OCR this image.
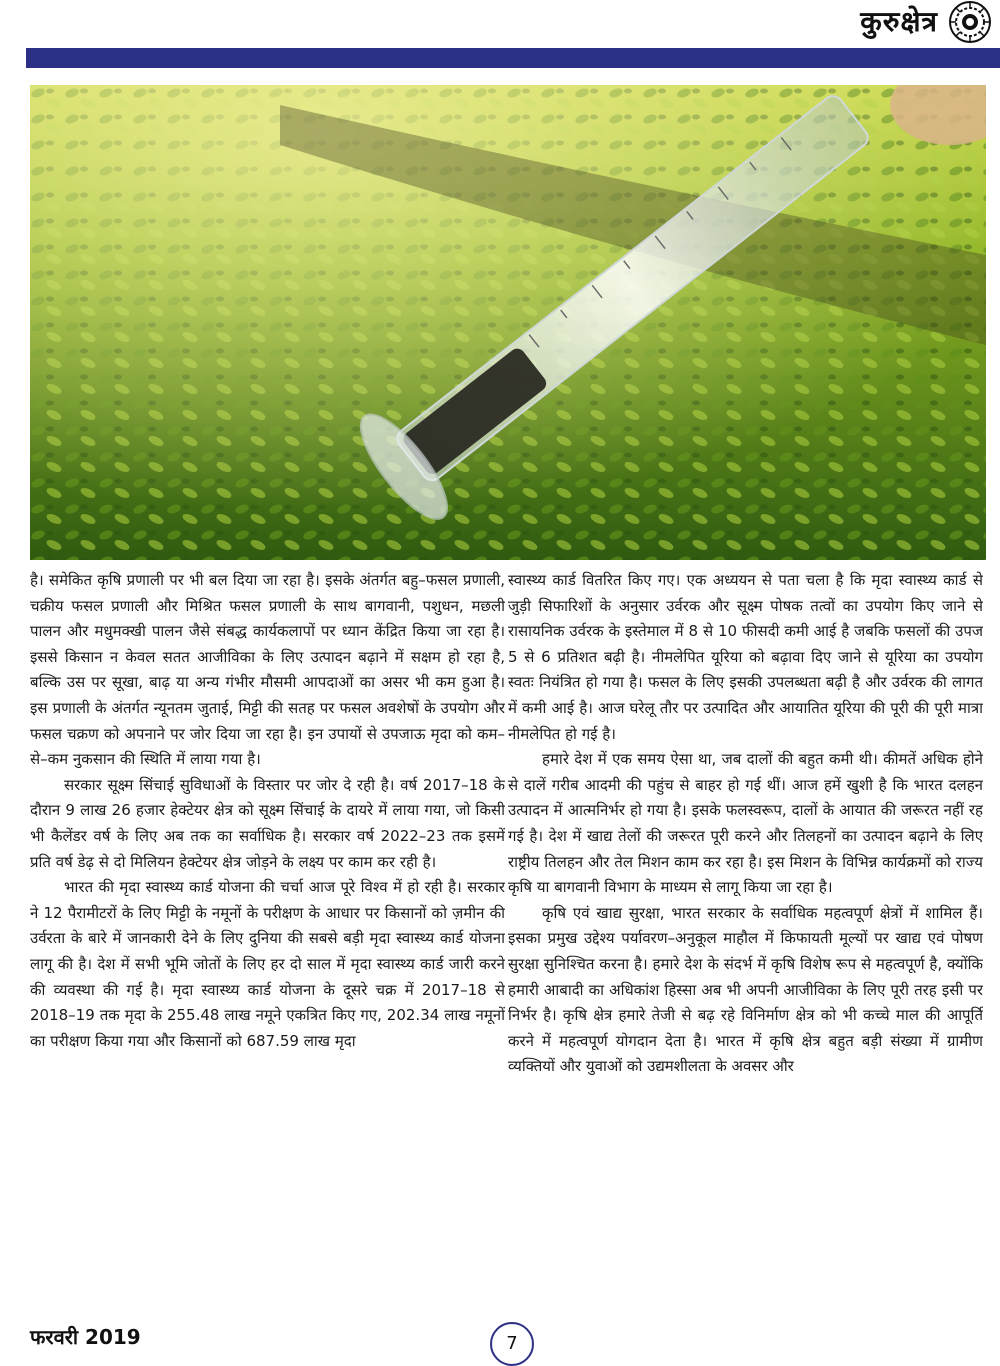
कुरुक्षेत्र

है। समेकित कृषि प्रणाली पर भी बल दिया जा रहा है। इसके अंतर्गत बहु–फसल प्रणाली, चक्रीय फसल प्रणाली और मिश्रित फसल प्रणाली के साथ बागवानी, पशुधन, मछली पालन और मधुमक्खी पालन जैसे संबद्ध कार्यकलापों पर ध्यान केंद्रित किया जा रहा है। इससे किसान न केवल सतत आजीविका के लिए उत्पादन बढ़ाने में सक्षम हो रहा है, बल्कि उस पर सूखा, बाढ़ या अन्य गंभीर मौसमी आपदाओं का असर भी कम हुआ है। इस प्रणाली के अंतर्गत न्यूनतम जुताई, मिट्टी की सतह पर फसल अवशेषों के उपयोग और फसल चक्रण को अपनाने पर जोर दिया जा रहा है। इन उपायों से उपजाऊ मृदा को कम–से–कम नुकसान की स्थिति में लाया गया है।

सरकार सूक्ष्म सिंचाई सुविधाओं के विस्तार पर जोर दे रही है। वर्ष 2017–18 के दौरान 9 लाख 26 हजार हेक्टेयर क्षेत्र को सूक्ष्म सिंचाई के दायरे में लाया गया, जो किसी भी कैलेंडर वर्ष के लिए अब तक का सर्वाधिक है। सरकार वर्ष 2022–23 तक इसमें प्रति वर्ष डेढ़ से दो मिलियन हेक्टेयर क्षेत्र जोड़ने के लक्ष्य पर काम कर रही है।

भारत की मृदा स्वास्थ्य कार्ड योजना की चर्चा आज पूरे विश्व में हो रही है। सरकार ने 12 पैरामीटरों के लिए मिट्टी के नमूनों के परीक्षण के आधार पर किसानों को ज़मीन की उर्वरता के बारे में जानकारी देने के लिए दुनिया की सबसे बड़ी मृदा स्वास्थ्य कार्ड योजना लागू की है। देश में सभी भूमि जोतों के लिए हर दो साल में मृदा स्वास्थ्य कार्ड जारी करने की व्यवस्था की गई है। मृदा स्वास्थ्य कार्ड योजना के दूसरे चक्र में 2017–18 से 2018–19 तक मृदा के 255.48 लाख नमूने एकत्रित किए गए, 202.34 लाख नमूनों का परीक्षण किया गया और किसानों को 687.59 लाख मृदा

स्वास्थ्य कार्ड वितरित किए गए। एक अध्ययन से पता चला है कि मृदा स्वास्थ्य कार्ड से जुड़ी सिफारिशों के अनुसार उर्वरक और सूक्ष्म पोषक तत्वों का उपयोग किए जाने से रासायनिक उर्वरक के इस्तेमाल में 8 से 10 फीसदी कमी आई है जबकि फसलों की उपज 5 से 6 प्रतिशत बढ़ी है। नीमलेपित यूरिया को बढ़ावा दिए जाने से यूरिया का उपयोग स्वतः नियंत्रित हो गया है। फसल के लिए इसकी उपलब्धता बढ़ी है और उर्वरक की लागत में कमी आई है। आज घरेलू तौर पर उत्पादित और आयातित यूरिया की पूरी की पूरी मात्रा नीमलेपित हो गई है।

हमारे देश में एक समय ऐसा था, जब दालों की बहुत कमी थी। कीमतें अधिक होने से दालें गरीब आदमी की पहुंच से बाहर हो गई थीं। आज हमें खुशी है कि भारत दलहन उत्पादन में आत्मनिर्भर हो गया है। इसके फलस्वरूप, दालों के आयात की जरूरत नहीं रह गई है। देश में खाद्य तेलों की जरूरत पूरी करने और तिलहनों का उत्पादन बढ़ाने के लिए राष्ट्रीय तिलहन और तेल मिशन काम कर रहा है। इस मिशन के विभिन्न कार्यक्रमों को राज्य कृषि या बागवानी विभाग के माध्यम से लागू किया जा रहा है।

कृषि एवं खाद्य सुरक्षा, भारत सरकार के सर्वाधिक महत्वपूर्ण क्षेत्रों में शामिल हैं। इसका प्रमुख उद्देश्य पर्यावरण–अनुकूल माहौल में किफायती मूल्यों पर खाद्य एवं पोषण सुरक्षा सुनिश्चित करना है। हमारे देश के संदर्भ में कृषि विशेष रूप से महत्वपूर्ण है, क्योंकि हमारी आबादी का अधिकांश हिस्सा अब भी अपनी आजीविका के लिए पूरी तरह इसी पर निर्भर है। कृषि क्षेत्र हमारे तेजी से बढ़ रहे विनिर्माण क्षेत्र को भी कच्चे माल की आपूर्ति करने में महत्वपूर्ण योगदान देता है। भारत में कृषि क्षेत्र बहुत बड़ी संख्या में ग्रामीण व्यक्तियों और युवाओं को उद्यमशीलता के अवसर और

फरवरी 2019	7
